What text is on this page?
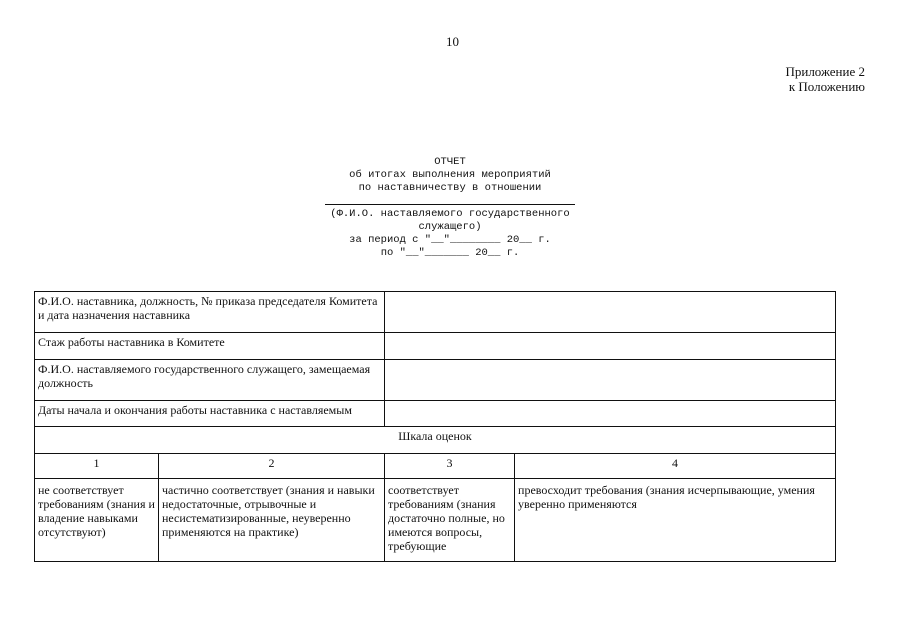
10
Приложение 2
к Положению
ОТЧЕТ
об итогах выполнения мероприятий
по наставничеству в отношении
(Ф.И.О. наставляемого государственного
служащего)
за период с "__"________ 20__ г.
по "__"_______ 20__ г.
Ф.И.О. наставника, должность, № приказа председателя Комитета и дата назначения наставника			
Стаж работы наставника в Комитете			
Ф.И.О. наставляемого государственного служащего, замещаемая должность			
Даты начала и окончания работы наставника с наставляемым			
Шкала оценок			
1	2	3	4
не соответствует требованиям (знания и владение навыками отсутствуют)	частично соответствует (знания и навыки недостаточные, отрывочные и несистематизированные, неуверенно применяются на практике)	соответствует требованиям (знания достаточно полные, но имеются вопросы, требующие	превосходит требования (знания исчерпывающие, умения уверенно применяются
